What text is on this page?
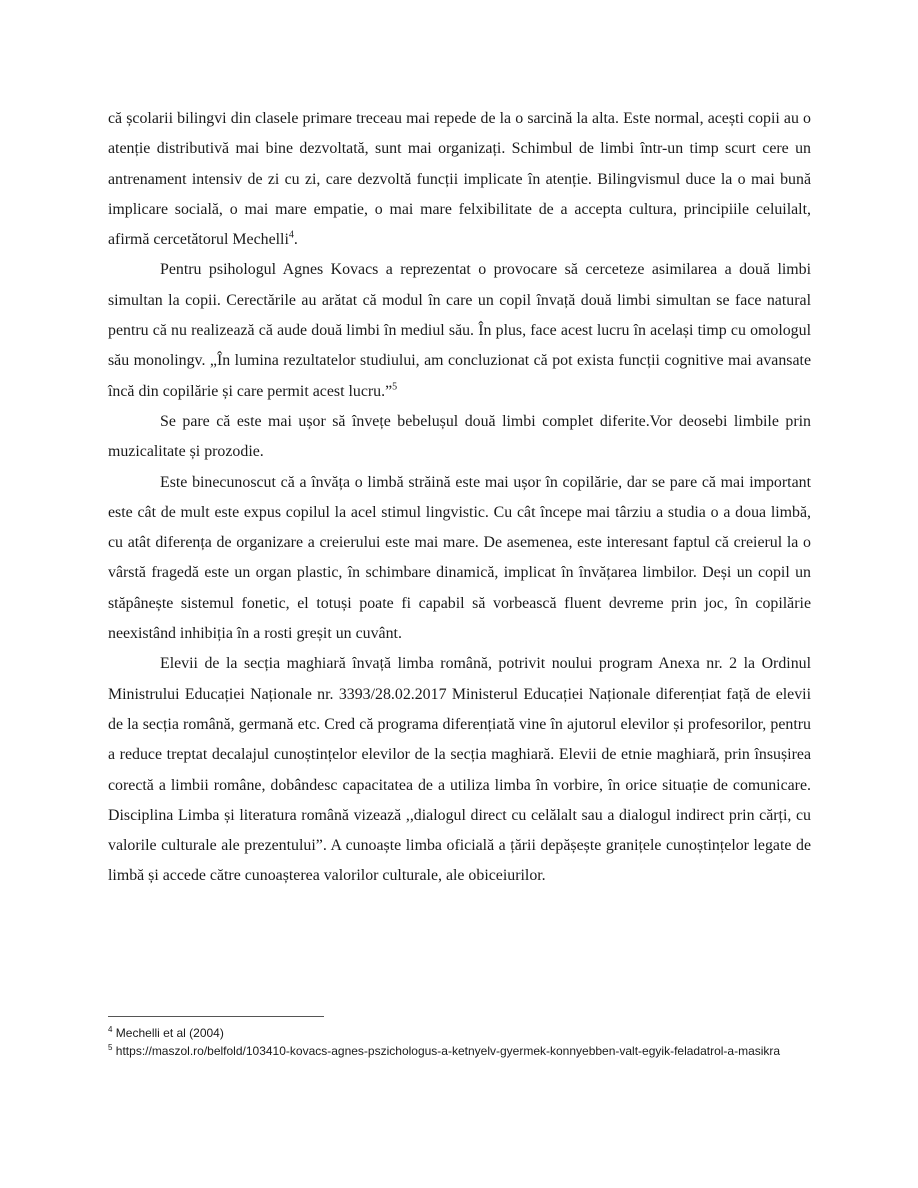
că școlarii bilingvi din clasele primare treceau mai repede de la o sarcină la alta. Este normal, acești copii au o atenție distributivă mai bine dezvoltată, sunt mai organizați. Schimbul de limbi într-un timp scurt cere un antrenament intensiv de zi cu zi, care dezvoltă funcții implicate în atenție. Bilingvismul duce la o mai bună implicare socială, o mai mare empatie, o mai mare felxibilitate de a accepta cultura, principiile celuilalt, afirmă cercetătorul Mechelli$^4$.

Pentru psihologul Agnes Kovacs a reprezentat o provocare să cerceteze asimilarea a două limbi simultan la copii. Cerectările au arătat că modul în care un copil învață două limbi simultan se face natural pentru că nu realizează că aude două limbi în mediul său. În plus, face acest lucru în același timp cu omologul său monolingv. „În lumina rezultatelor studiului, am concluzionat că pot exista funcții cognitive mai avansate încă din copilărie și care permit acest lucru.”$^5$

Se pare că este mai ușor să învețe bebelușul două limbi complet diferite.Vor deosebi limbile prin muzicalitate și prozodie.

Este binecunoscut că a învăța o limbă străină este mai ușor în copilărie, dar se pare că mai important este cât de mult este expus copilul la acel stimul lingvistic. Cu cât începe mai târziu a studia o a doua limbă, cu atât diferența de organizare a creierului este mai mare. De asemenea, este interesant faptul că creierul la o vârstă fragedă este un organ plastic, în schimbare dinamică, implicat în învățarea limbilor. Deși un copil un stăpânește sistemul fonetic, el totuși poate fi capabil să vorbească fluent devreme prin joc, în copilărie neexistând inhibiția în a rosti greșit un cuvânt.

Elevii de la secția maghiară învață limba română, potrivit noului program Anexa nr. 2 la Ordinul Ministrului Educației Naționale nr. 3393/28.02.2017 Ministerul Educației Naționale diferențiat față de elevii de la secția română, germană etc. Cred că programa diferențiată vine în ajutorul elevilor și profesorilor, pentru a reduce treptat decalajul cunoștințelor elevilor de la secția maghiară. Elevii de etnie maghiară, prin însușirea corectă a limbii române, dobândesc capacitatea de a utiliza limba în vorbire, în orice situație de comunicare. Disciplina Limba și literatura română vizează ,,dialogul direct cu celălalt sau a dialogul indirect prin cărți, cu valorile culturale ale prezentului”. A cunoaște limba oficială a țării depășește granițele cunoștințelor legate de limbă și accede către cunoașterea valorilor culturale, ale obiceiurilor.

$^4$ Mechelli et al (2004)
$^5$ https://maszol.ro/belfold/103410-kovacs-agnes-pszichologus-a-ketnyelv-gyermek-konnyebben-valt-egyik-feladatrol-a-masikra
